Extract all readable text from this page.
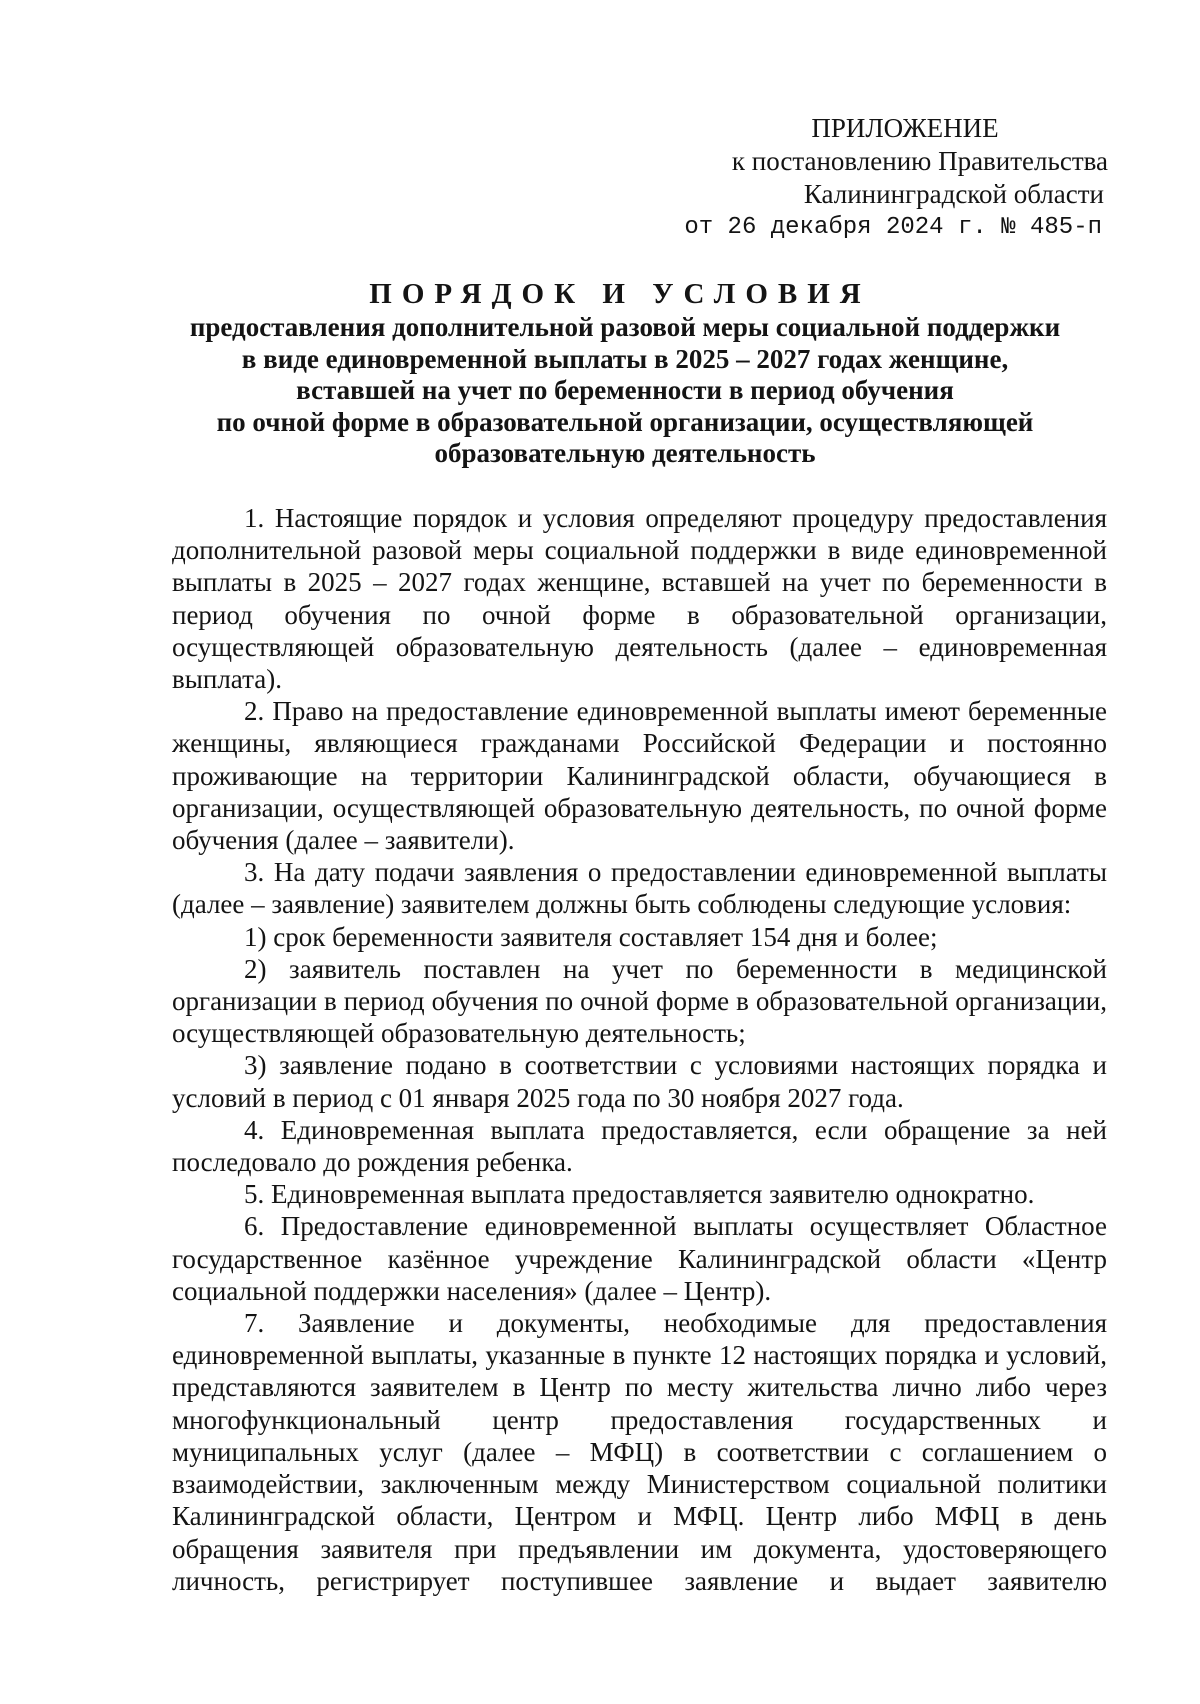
ПРИЛОЖЕНИЕ
к постановлению Правительства
Калининградской области
от 26 декабря 2024 г. № 485-п
ПОРЯДОК И УСЛОВИЯ
предоставления дополнительной разовой меры социальной поддержки
в виде единовременной выплаты в 2025 – 2027 годах женщине,
вставшей на учет по беременности в период обучения
по очной форме в образовательной организации, осуществляющей
образовательную деятельность

1. Настоящие порядок и условия определяют процедуру предоставления дополнительной разовой меры социальной поддержки в виде единовременной выплаты в 2025 – 2027 годах женщине, вставшей на учет по беременности в период обучения по очной форме в образовательной организации, осуществляющей образовательную деятельность (далее – единовременная выплата).

2. Право на предоставление единовременной выплаты имеют беременные женщины, являющиеся гражданами Российской Федерации и постоянно проживающие на территории Калининградской области, обучающиеся в организации, осуществляющей образовательную деятельность, по очной форме обучения (далее – заявители).

3. На дату подачи заявления о предоставлении единовременной выплаты (далее – заявление) заявителем должны быть соблюдены следующие условия:

1) срок беременности заявителя составляет 154 дня и более;

2) заявитель поставлен на учет по беременности в медицинской организации в период обучения по очной форме в образовательной организации, осуществляющей образовательную деятельность;

3) заявление подано в соответствии с условиями настоящих порядка и условий в период с 01 января 2025 года по 30 ноября 2027 года.

4. Единовременная выплата предоставляется, если обращение за ней последовало до рождения ребенка.

5. Единовременная выплата предоставляется заявителю однократно.

6. Предоставление единовременной выплаты осуществляет Областное государственное казённое учреждение Калининградской области «Центр социальной поддержки населения» (далее – Центр).

7. Заявление и документы, необходимые для предоставления единовременной выплаты, указанные в пункте 12 настоящих порядка и условий, представляются заявителем в Центр по месту жительства лично либо через многофункциональный центр предоставления государственных и муниципальных услуг (далее – МФЦ) в соответствии с соглашением о взаимодействии, заключенным между Министерством социальной политики Калининградской области, Центром и МФЦ. Центр либо МФЦ в день обращения заявителя при предъявлении им документа, удостоверяющего личность, регистрирует поступившее заявление и выдает заявителю
